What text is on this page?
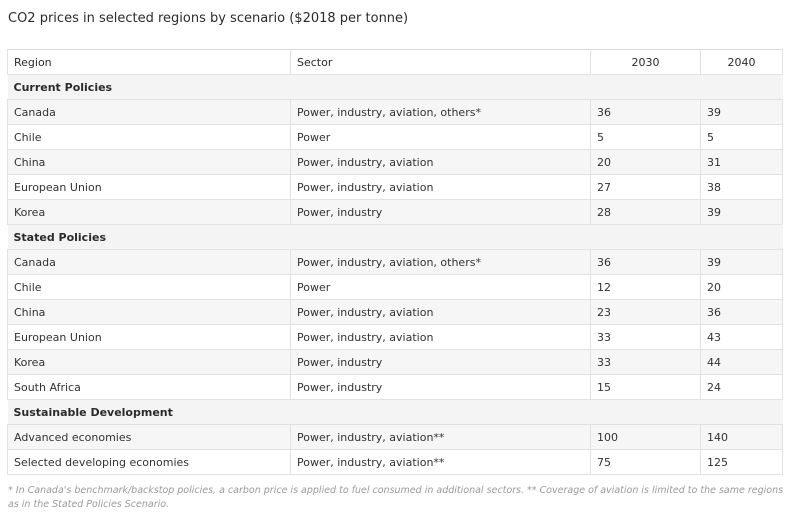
CO2 prices in selected regions by scenario ($2018 per tonne)
Region	Sector	2030	2040
Current Policies			
Canada	Power, industry, aviation, others*	36	39
Chile	Power	5	5
China	Power, industry, aviation	20	31
European Union	Power, industry, aviation	27	38
Korea	Power, industry	28	39
Stated Policies			
Canada	Power, industry, aviation, others*	36	39
Chile	Power	12	20
China	Power, industry, aviation	23	36
European Union	Power, industry, aviation	33	43
Korea	Power, industry	33	44
South Africa	Power, industry	15	24
Sustainable Development			
Advanced economies	Power, industry, aviation**	100	140
Selected developing economies	Power, industry, aviation**	75	125
* In Canada's benchmark/backstop policies, a carbon price is applied to fuel consumed in additional sectors. ** Coverage of aviation is limited to the same regions as in the Stated Policies Scenario.
